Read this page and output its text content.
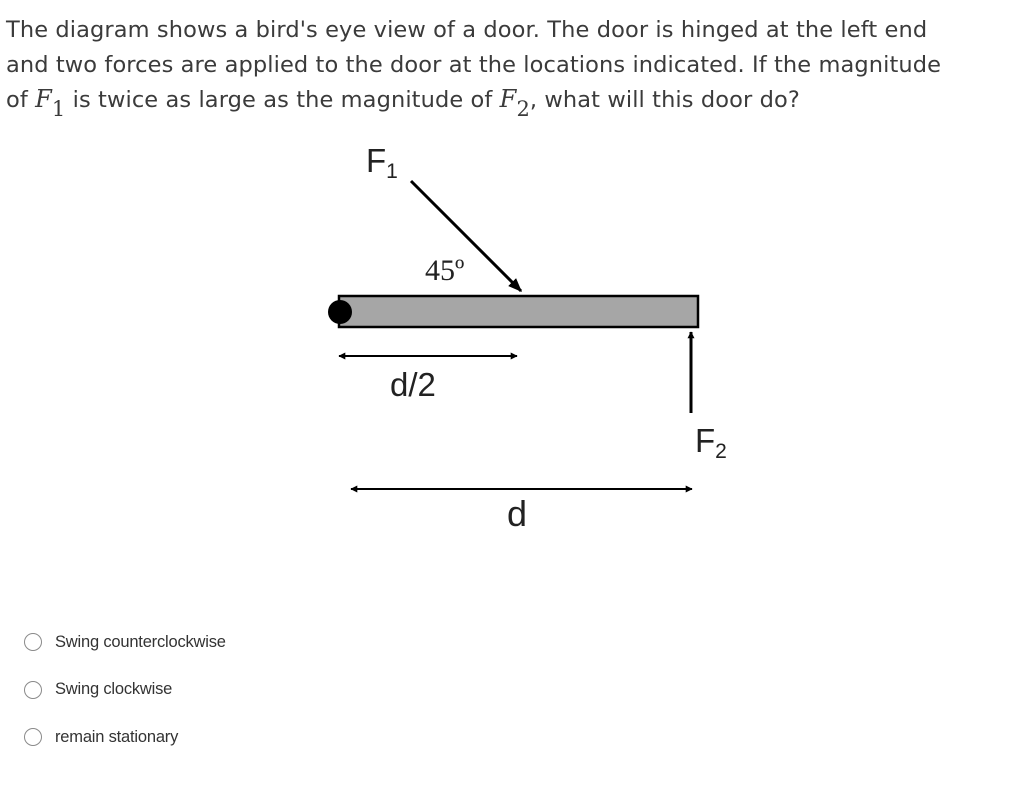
The diagram shows a bird's eye view of a door. The door is hinged at the left end
and two forces are applied to the door at the locations indicated. If the magnitude
of F1 is twice as large as the magnitude of F2, what will this door do?
F1
45º
d/2
F2
d
Swing counterclockwise
Swing clockwise
remain stationary
